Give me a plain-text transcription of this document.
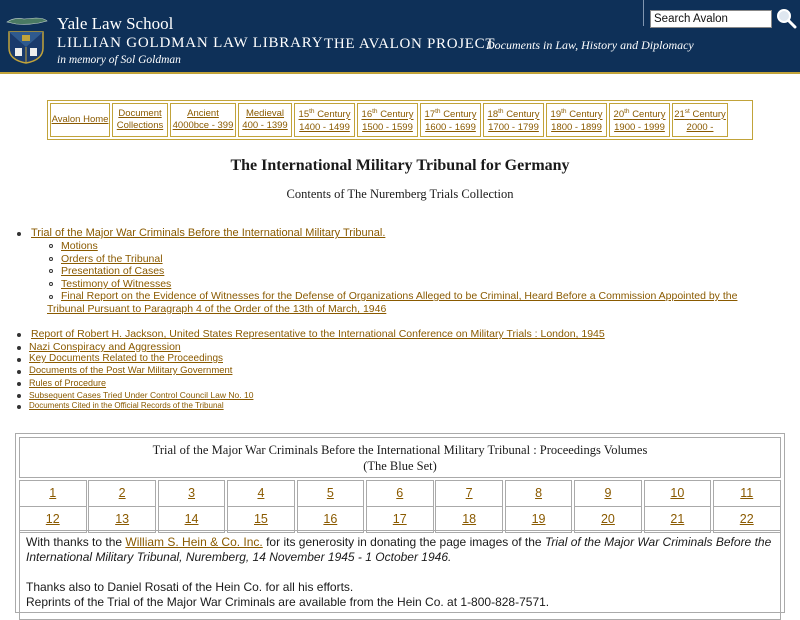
Yale Law School
LILLIAN GOLDMAN LAW LIBRARY
in memory of Sol Goldman
THE AVALON PROJECT
Documents in Law, History and Diplomacy
Search Avalon
Avalon Home
Document
Collections
Ancient
4000bce - 399
Medieval
400 - 1399
15th Century
1400 - 1499
16th Century
1500 - 1599
17th Century
1600 - 1699
18th Century
1700 - 1799
19th Century
1800 - 1899
20th Century
1900 - 1999
21st Century
2000 -
The International Military Tribunal for Germany
Contents of The Nuremberg Trials Collection
Trial of the Major War Criminals Before the International Military Tribunal.
Motions
Orders of the Tribunal
Presentation of Cases
Testimony of Witnesses
Final Report on the Evidence of Witnesses for the Defense of Organizations Alleged to be Criminal, Heard Before a Commission Appointed by the
Tribunal Pursuant to Paragraph 4 of the Order of the 13th of March, 1946
Report of Robert H. Jackson, United States Representative to the International Conference on Military Trials : London, 1945
Nazi Conspiracy and Aggression
Key Documents Related to the Proceedings
Documents of the Post War Military Government
Rules of Procedure
Subsequent Cases Tried Under Control Council Law No. 10
Documents Cited in the Official Records of the Tribunal
Trial of the Major War Criminals Before the International Military Tribunal : Proceedings Volumes
(The Blue Set)
1	2	3	4	5	6	7	8	9	10	11
12	13	14	15	16	17	18	19	20	21	22

With thanks to the William S. Hein & Co. Inc. for its generosity in donating the page images of the Trial of the Major War Criminals Before the International Military Tribunal, Nuremberg, 14 November 1945 - 1 October 1946.

Thanks also to Daniel Rosati of the Hein Co. for all his efforts.

Reprints of the Trial of the Major War Criminals are available from the Hein Co. at 1-800-828-7571.
